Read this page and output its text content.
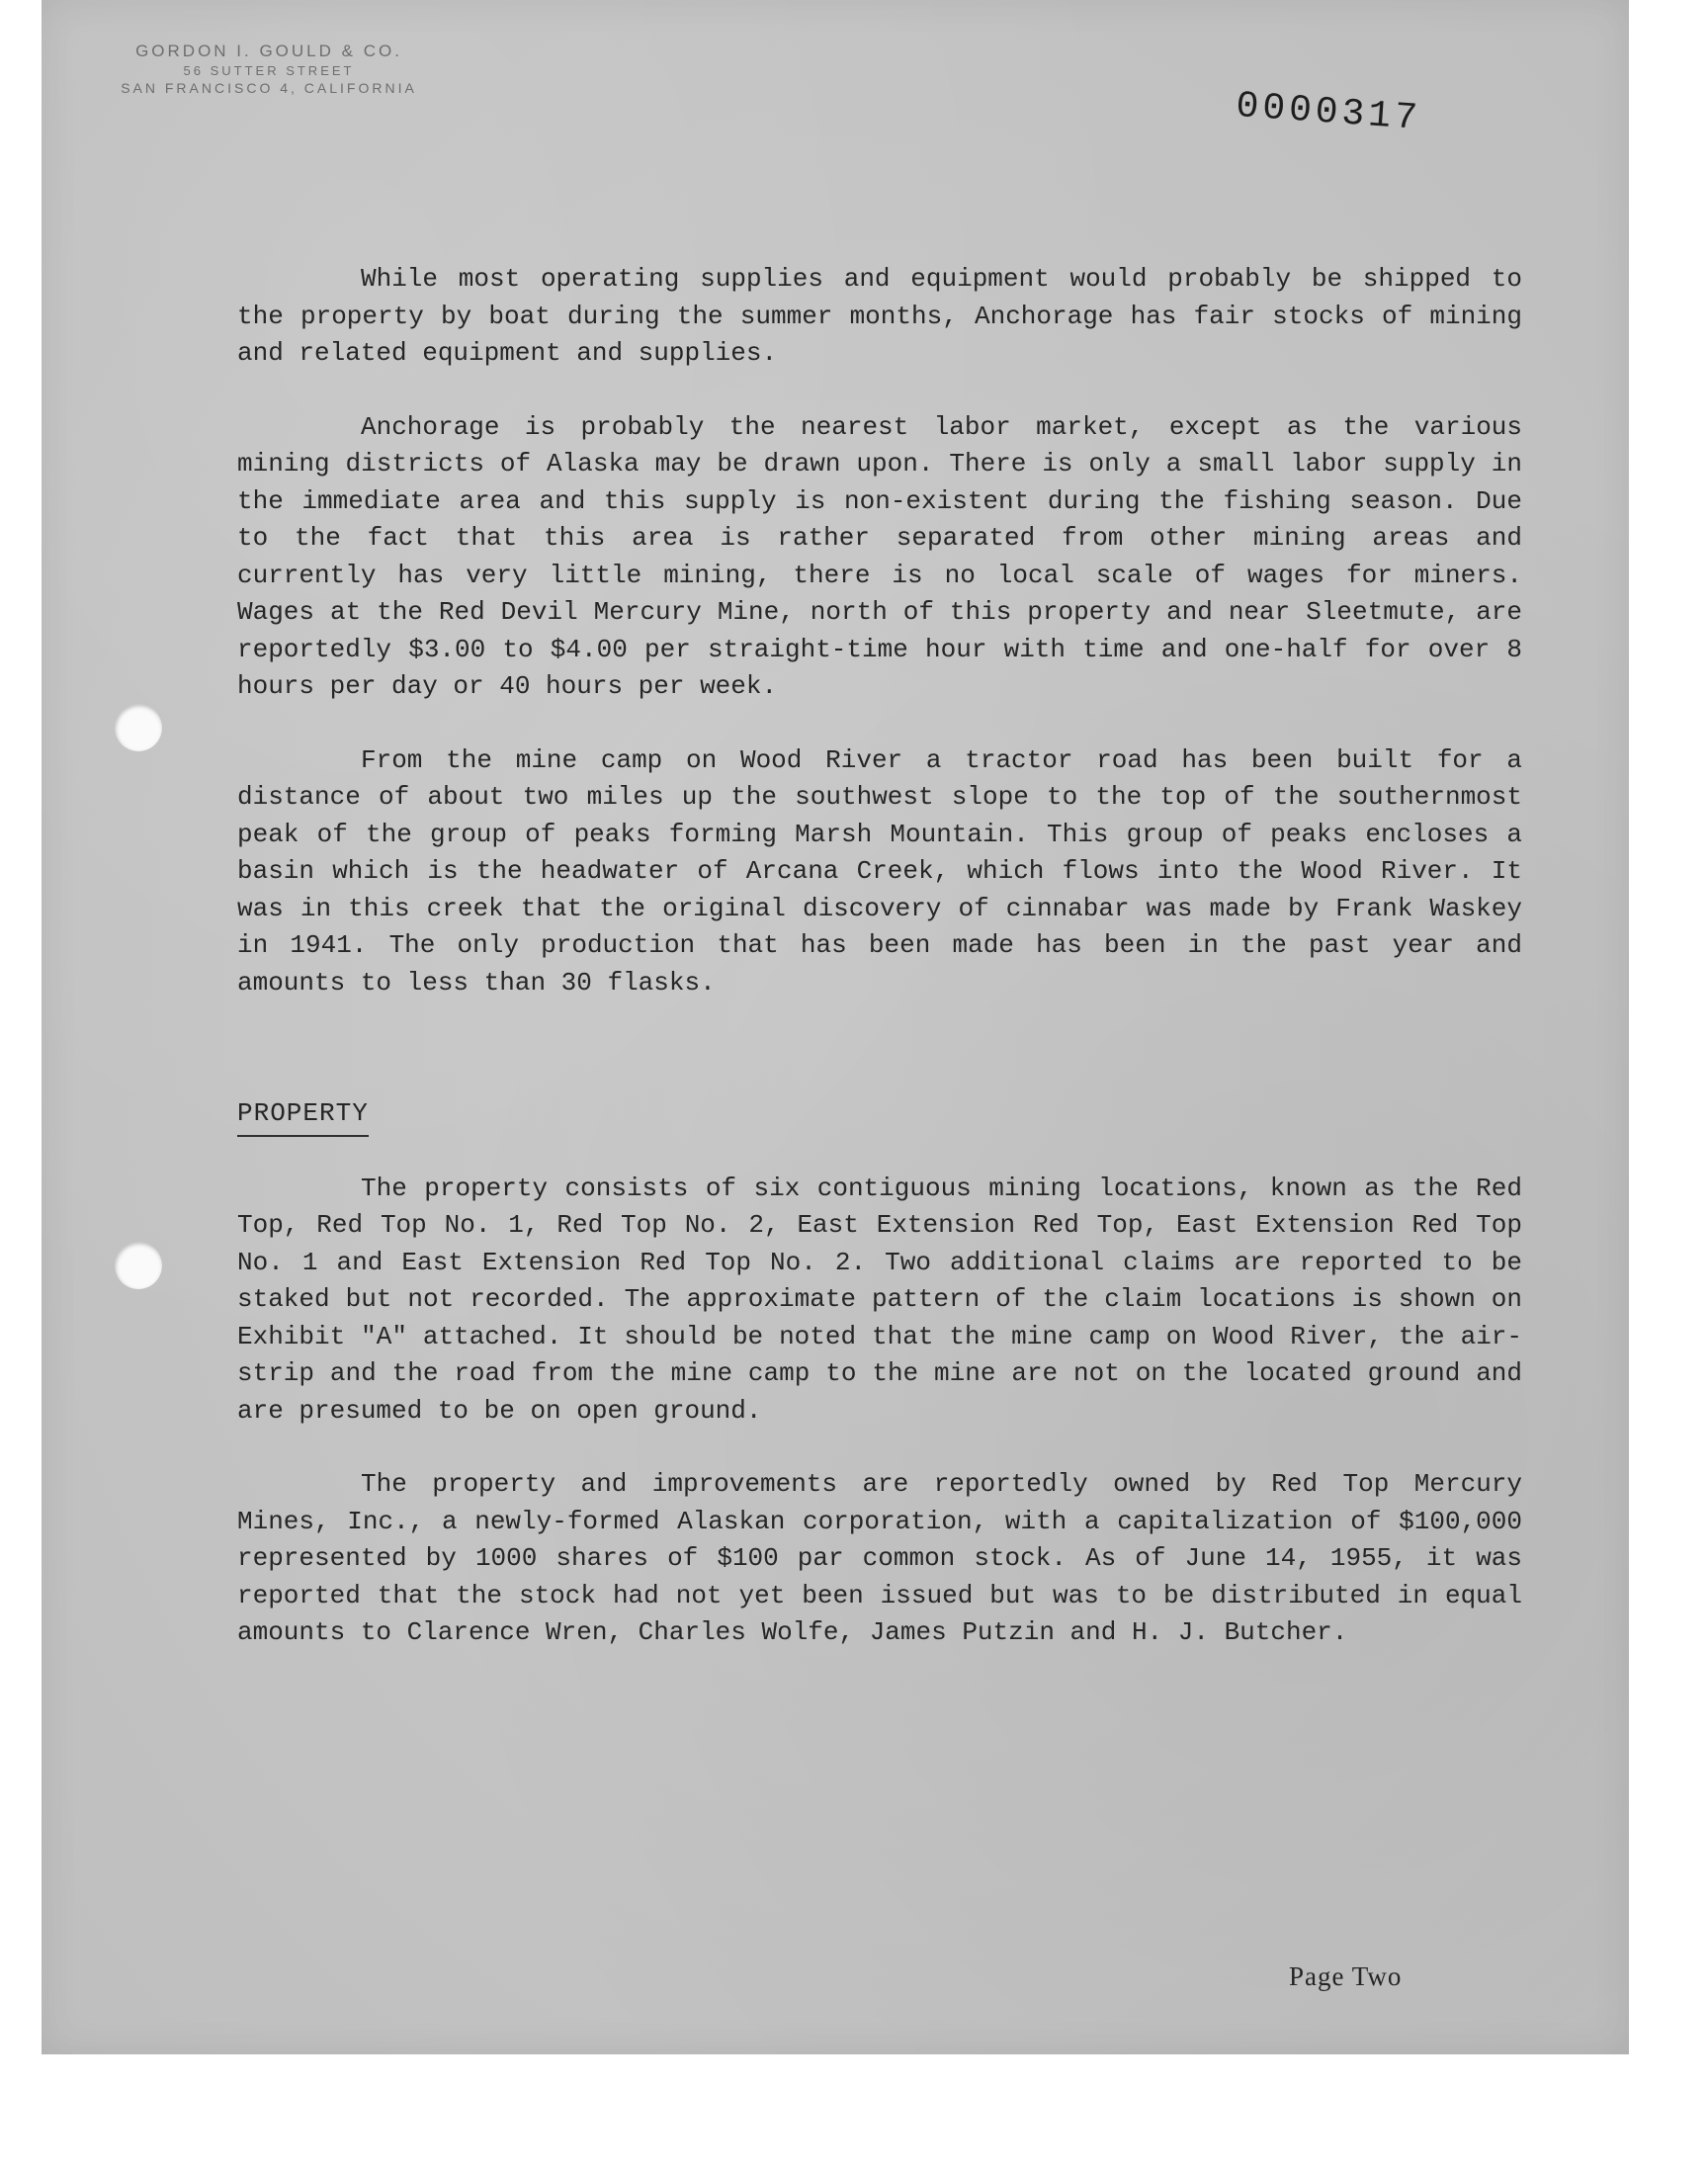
GORDON I. GOULD & CO.
56 SUTTER STREET
SAN FRANCISCO 4, CALIFORNIA	0000317

While most operating supplies and equipment would probably be shipped to the property by boat during the summer months, Anchorage has fair stocks of mining and related equipment and supplies.

Anchorage is probably the nearest labor market, except as the various mining districts of Alaska may be drawn upon. There is only a small labor supply in the immediate area and this supply is non-existent during the fishing season. Due to the fact that this area is rather separated from other mining areas and currently has very little mining, there is no local scale of wages for miners. Wages at the Red Devil Mercury Mine, north of this property and near Sleetmute, are reportedly $3.00 to $4.00 per straight-time hour with time and one-half for over 8 hours per day or 40 hours per week.

From the mine camp on Wood River a tractor road has been built for a distance of about two miles up the southwest slope to the top of the southernmost peak of the group of peaks forming Marsh Mountain. This group of peaks encloses a basin which is the headwater of Arcana Creek, which flows into the Wood River. It was in this creek that the original discovery of cinnabar was made by Frank Waskey in 1941. The only production that has been made has been in the past year and amounts to less than 30 flasks.

PROPERTY

The property consists of six contiguous mining locations, known as the Red Top, Red Top No. 1, Red Top No. 2, East Extension Red Top, East Extension Red Top No. 1 and East Extension Red Top No. 2. Two additional claims are reported to be staked but not recorded. The approximate pattern of the claim locations is shown on Exhibit "A" attached. It should be noted that the mine camp on Wood River, the air-strip and the road from the mine camp to the mine are not on the located ground and are presumed to be on open ground.

The property and improvements are reportedly owned by Red Top Mercury Mines, Inc., a newly-formed Alaskan corporation, with a capitalization of $100,000 represented by 1000 shares of $100 par common stock. As of June 14, 1955, it was reported that the stock had not yet been issued but was to be distributed in equal amounts to Clarence Wren, Charles Wolfe, James Putzin and H. J. Butcher.

Page Two
